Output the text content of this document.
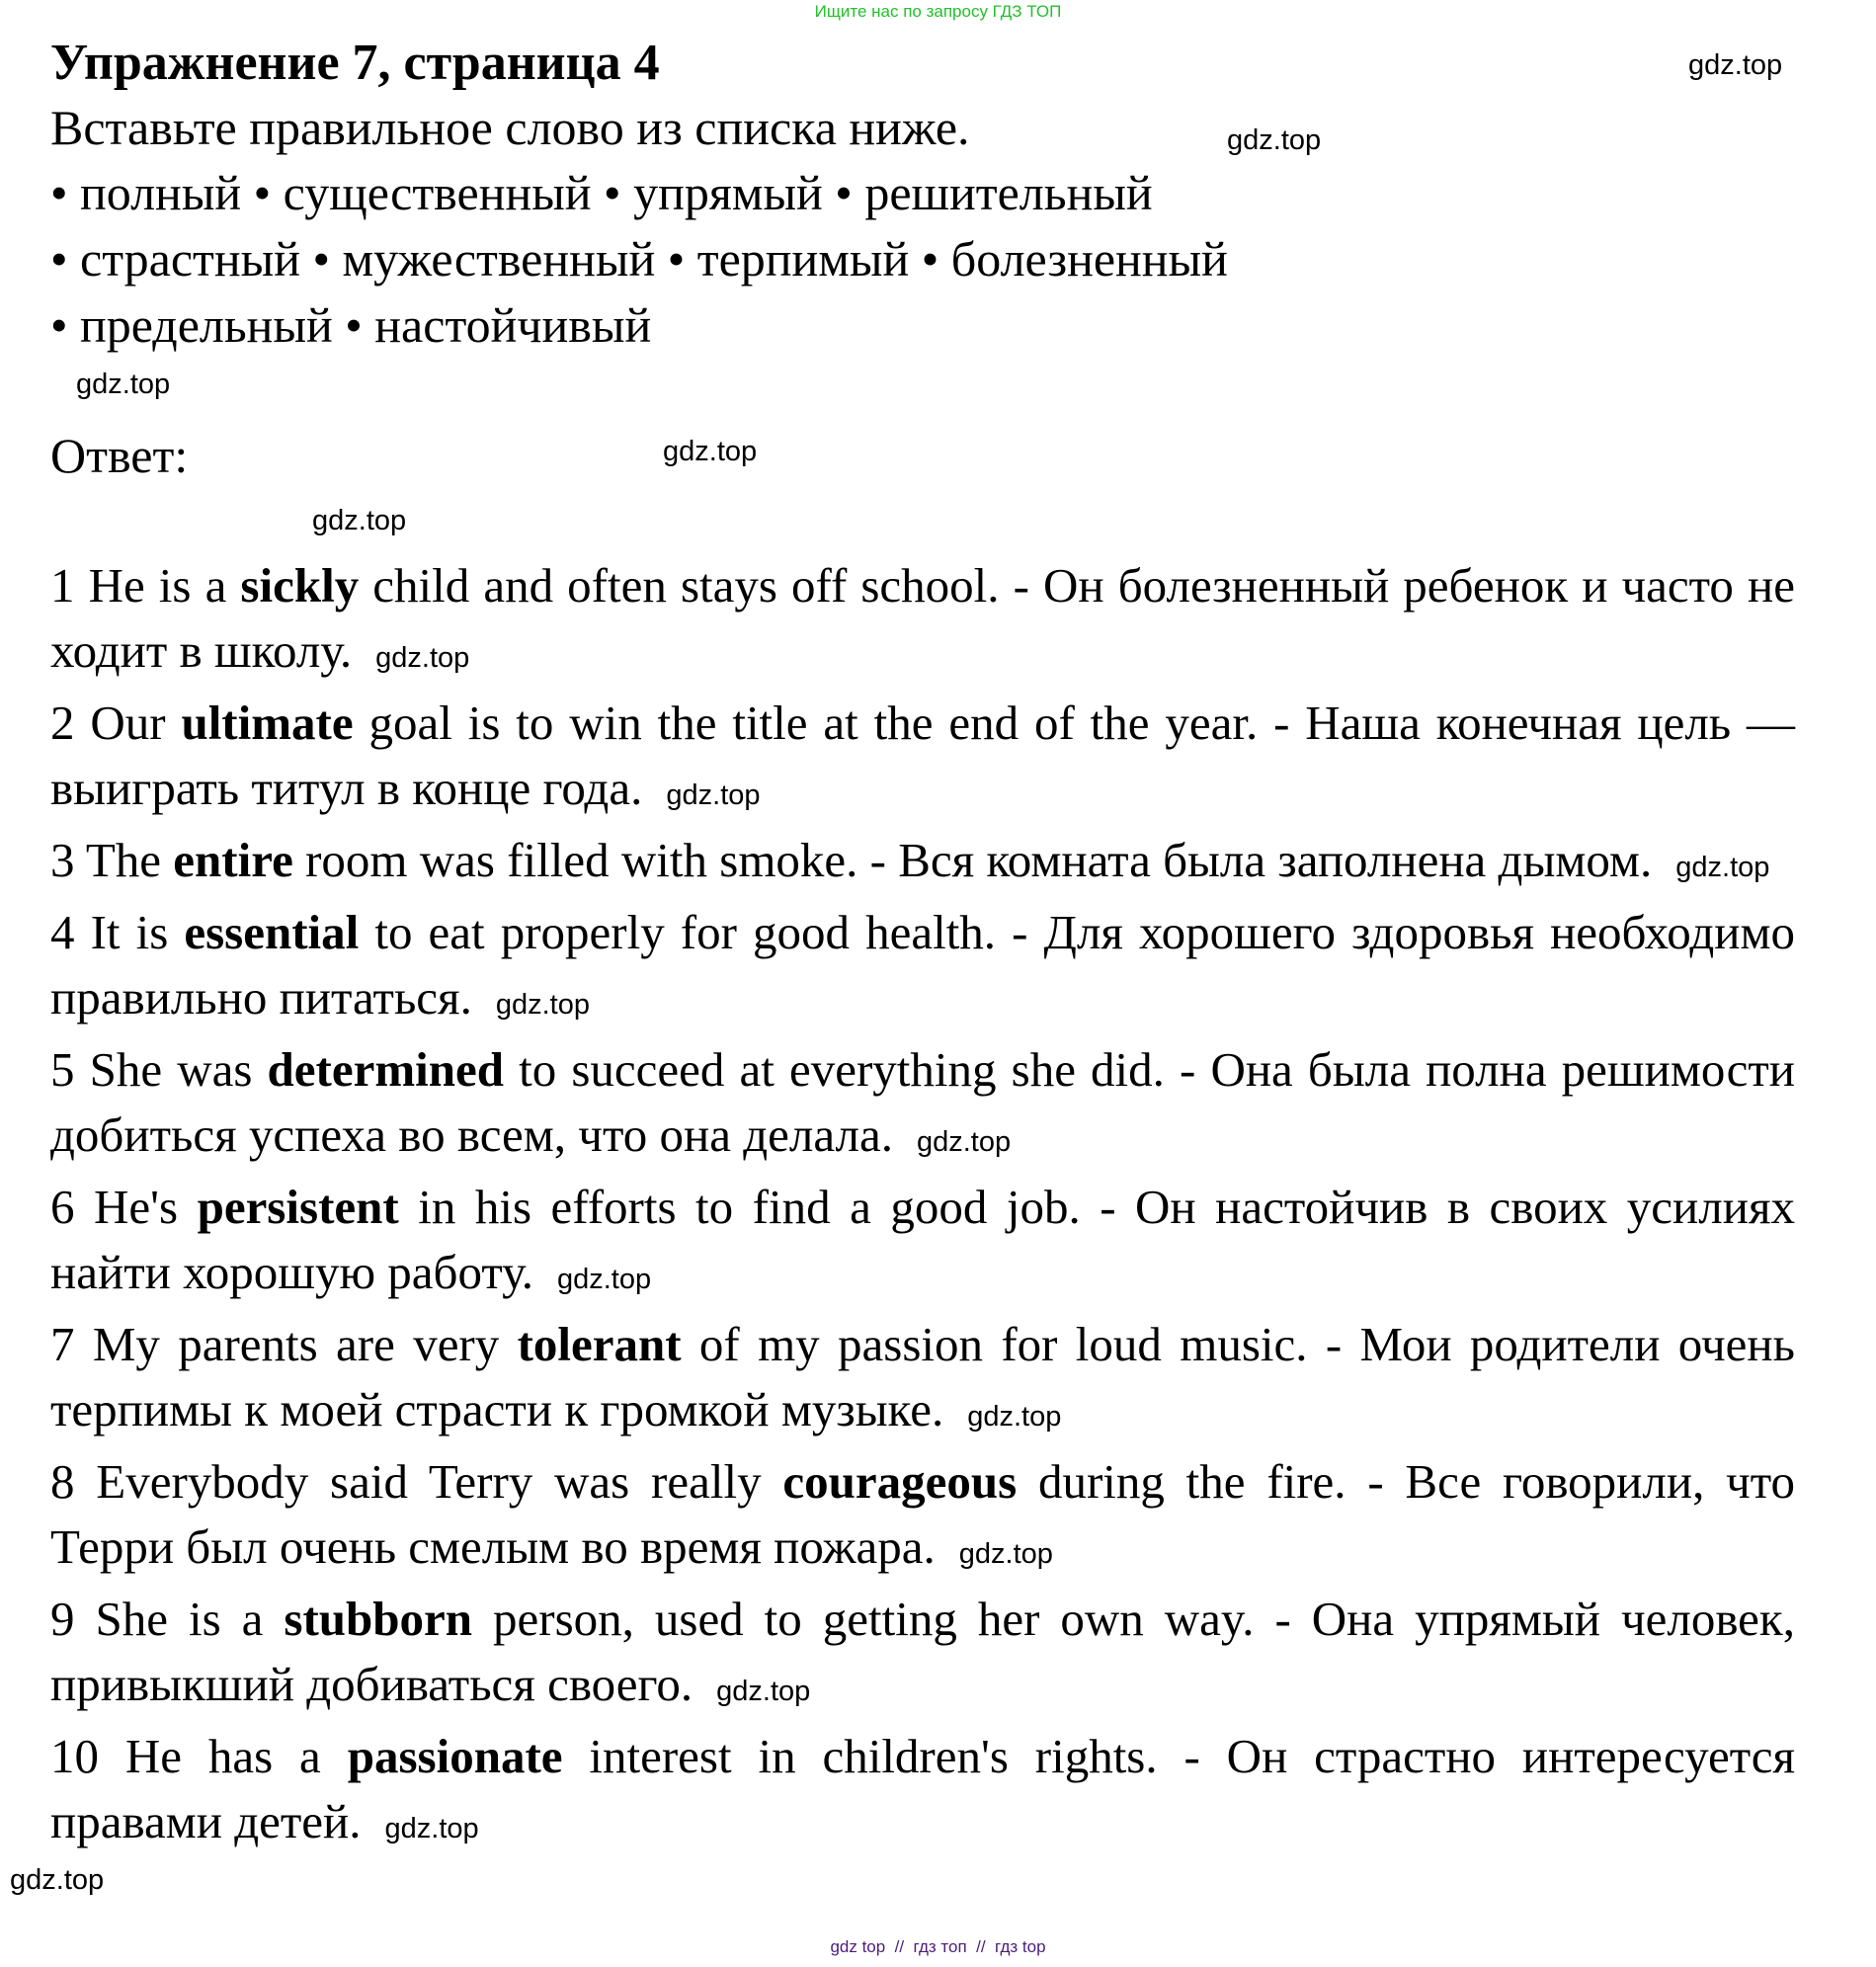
Ищите нас по запросу ГДЗ ТОП
Упражнение 7, страница 4
Вставьте правильное слово из списка ниже.
• полный • существенный • упрямый • решительный
• страстный • мужественный • терпимый • болезненный
• предельный • настойчивый
Ответ:
gdz.top
gdz.top
gdz.top
gdz.top
gdz.top

1 He is a sickly child and often stays off school. - Он болезненный ребенок и часто не ходит в школу. gdz.top

2 Our ultimate goal is to win the title at the end of the year. - Наша конечная цель — выиграть титул в конце года. gdz.top

3 The entire room was filled with smoke. - Вся комната была заполнена дымом. gdz.top

4 It is essential to eat properly for good health. - Для хорошего здоровья необходимо правильно питаться. gdz.top

5 She was determined to succeed at everything she did. - Она была полна решимости добиться успеха во всем, что она делала. gdz.top

6 He's persistent in his efforts to find a good job. - Он настойчив в своих усилиях найти хорошую работу. gdz.top

7 My parents are very tolerant of my passion for loud music. - Мои родители очень терпимы к моей страсти к громкой музыке. gdz.top

8 Everybody said Terry was really courageous during the fire. - Все говорили, что Терри был очень смелым во время пожара. gdz.top

9 She is a stubborn person, used to getting her own way. - Она упрямый человек, привыкший добиваться своего. gdz.top

10 He has a passionate interest in children's rights. - Он страстно интересуется правами детей. gdz.top

gdz.top
gdz top  //  гдз топ  //  гдз top
